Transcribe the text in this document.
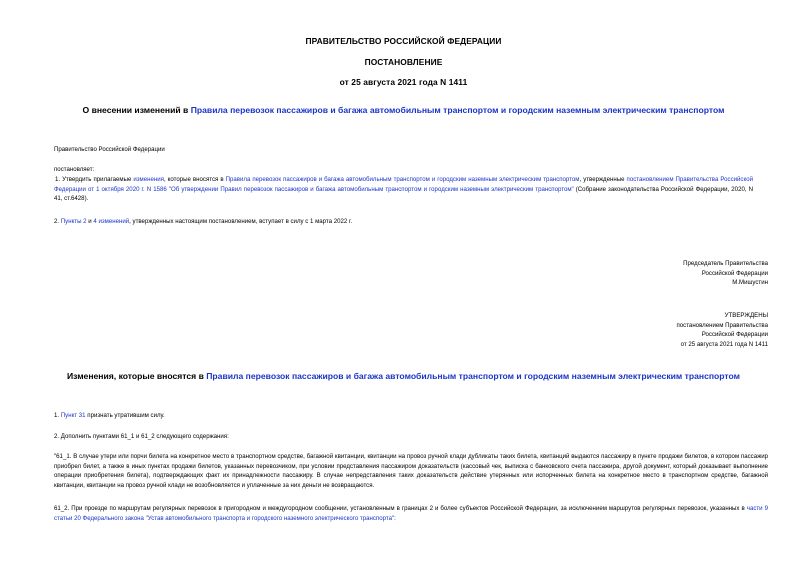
ПРАВИТЕЛЬСТВО РОССИЙСКОЙ ФЕДЕРАЦИИ
ПОСТАНОВЛЕНИЕ
от 25 августа 2021 года N 1411
О внесении изменений в Правила перевозок пассажиров и багажа автомобильным транспортом и городским наземным электрическим транспортом
Правительство Российской Федерации
постановляет:
1. Утвердить прилагаемые изменения, которые вносятся в Правила перевозок пассажиров и багажа автомобильным транспортом и городским наземным электрическим транспортом, утвержденные постановлением Правительства Российской Федерации от 1 октября 2020 г. N 1586 "Об утверждении Правил перевозок пассажиров и багажа автомобильным транспортом и городским наземным электрическим транспортом" (Собрание законодательства Российской Федерации, 2020, N 41, ст.6428).
2. Пункты 2 и 4 изменений, утвержденных настоящим постановлением, вступает в силу с 1 марта 2022 г.
Председатель Правительства
Российской Федерации
М.Мишустин
УТВЕРЖДЕНЫ
постановлением Правительства
Российской Федерации
от 25 августа 2021 года N 1411
Изменения, которые вносятся в Правила перевозок пассажиров и багажа автомобильным транспортом и городским наземным электрическим транспортом
1. Пункт 31 признать утратившим силу.
2. Дополнить пунктами 61_1 и 61_2 следующего содержания:
"61_1. В случае утери или порчи билета на конкретное место в транспортном средстве, багажной квитанции, квитанции на провоз ручной клади дубликаты таких билета, квитанций выдаются пассажиру в пункте продажи билетов, в котором пассажир приобрел билет, а также в иных пунктах продажи билетов, указанных перевозчиком, при условии представления пассажиром доказательств (кассовый чек, выписка с банковского счета пассажира, другой документ, который доказывает выполнение операции приобретения билета), подтверждающих факт их принадлежности пассажиру. В случае непредставления таких доказательств действие утерянных или испорченных билета на конкретное место в транспортном средстве, багажной квитанции, квитанции на провоз ручной клади не возобновляется и уплаченные за них деньги не возвращаются.
61_2. При проезде по маршрутам регулярных перевозок в пригородном и междугородном сообщении, установленным в границах 2 и более субъектов Российской Федерации, за исключением маршрутов регулярных перевозок, указанных в части 9 статьи 20 Федерального закона "Устав автомобильного транспорта и городского наземного электрического транспорта":
